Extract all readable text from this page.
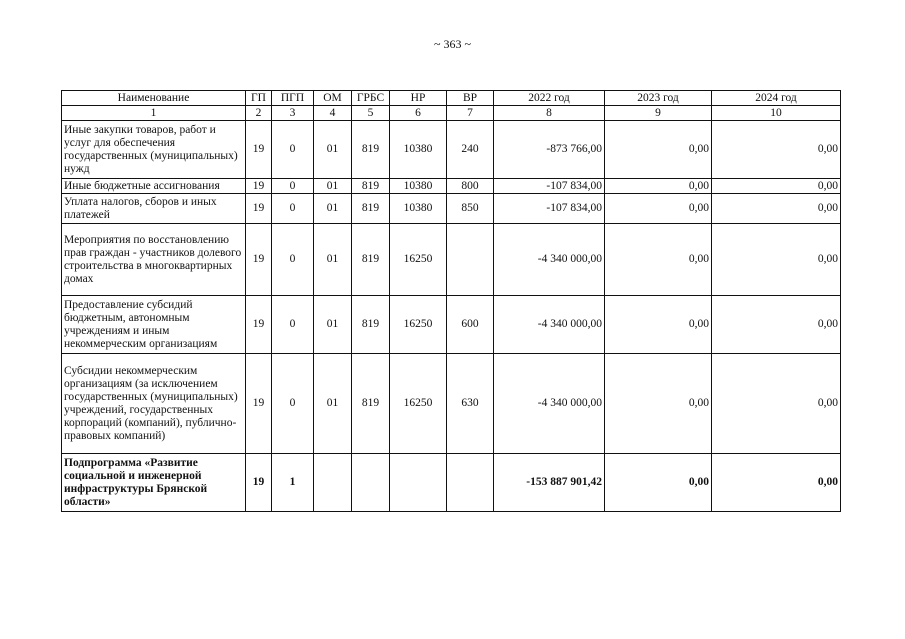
~ 363 ~
Наименование	ГП	ПГП	ОМ	ГРБС	НР	ВР	2022 год	2023 год	2024 год
1	2	3	4	5	6	7	8	9	10
Иные закупки товаров, работ и услуг для обеспечения государственных (муниципальных) нужд	19	0	01	819	10380	240	-873 766,00	0,00	0,00
Иные бюджетные ассигнования	19	0	01	819	10380	800	-107 834,00	0,00	0,00
Уплата налогов, сборов и иных платежей	19	0	01	819	10380	850	-107 834,00	0,00	0,00
Мероприятия по восстановлению прав граждан - участников долевого строительства в многоквартирных домах	19	0	01	819	16250		-4 340 000,00	0,00	0,00
Предоставление субсидий бюджетным, автономным учреждениям и иным некоммерческим организациям	19	0	01	819	16250	600	-4 340 000,00	0,00	0,00
Субсидии некоммерческим организациям (за исключением государственных (муниципальных) учреждений, государственных корпораций (компаний), публично-правовых компаний)	19	0	01	819	16250	630	-4 340 000,00	0,00	0,00
Подпрограмма «Развитие социальной и инженерной инфраструктуры Брянской области»	19	1					-153 887 901,42	0,00	0,00
